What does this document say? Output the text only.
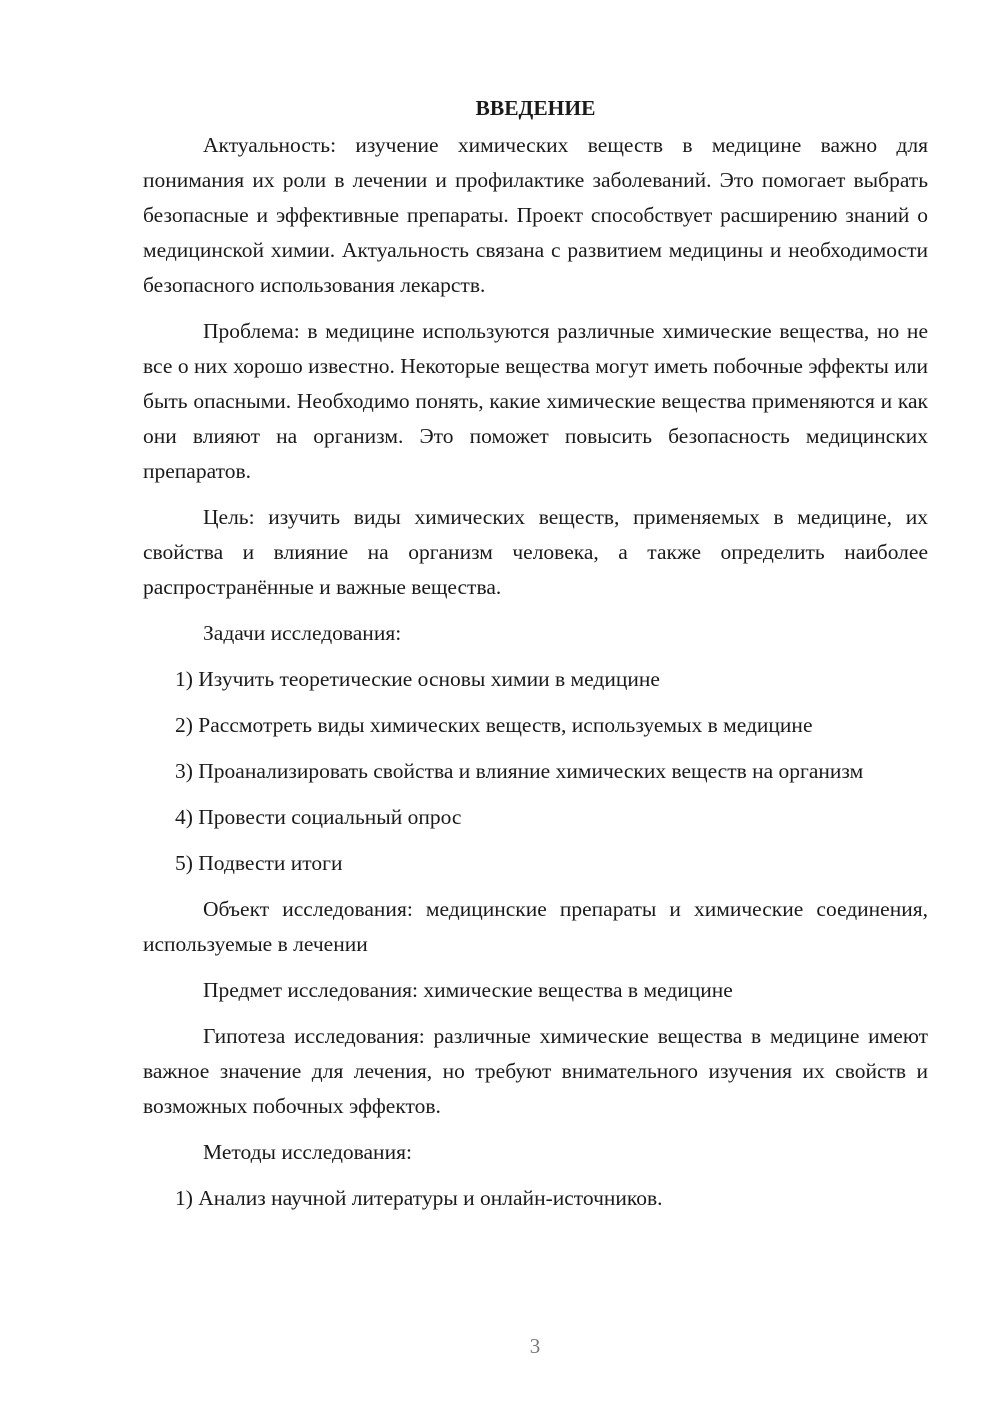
ВВЕДЕНИЕ

Актуальность: изучение химических веществ в медицине важно для понимания их роли в лечении и профилактике заболеваний. Это помогает выбрать безопасные и эффективные препараты. Проект способствует расширению знаний о медицинской химии. Актуальность связана с развитием медицины и необходимости безопасного использования лекарств.

Проблема: в медицине используются различные химические вещества, но не все о них хорошо известно. Некоторые вещества могут иметь побочные эффекты или быть опасными. Необходимо понять, какие химические вещества применяются и как они влияют на организм. Это поможет повысить безопасность медицинских препаратов.

Цель: изучить виды химических веществ, применяемых в медицине, их свойства и влияние на организм человека, а также определить наиболее распространённые и важные вещества.

Задачи исследования:

1) Изучить теоретические основы химии в медицине

2) Рассмотреть виды химических веществ, используемых в медицине

3) Проанализировать свойства и влияние химических веществ на организм

4) Провести социальный опрос

5) Подвести итоги

Объект исследования: медицинские препараты и химические соединения, используемые в лечении

Предмет исследования: химические вещества в медицине

Гипотеза исследования: различные химические вещества в медицине имеют важное значение для лечения, но требуют внимательного изучения их свойств и возможных побочных эффектов.

Методы исследования:

1) Анализ научной литературы и онлайн-источников.

3
